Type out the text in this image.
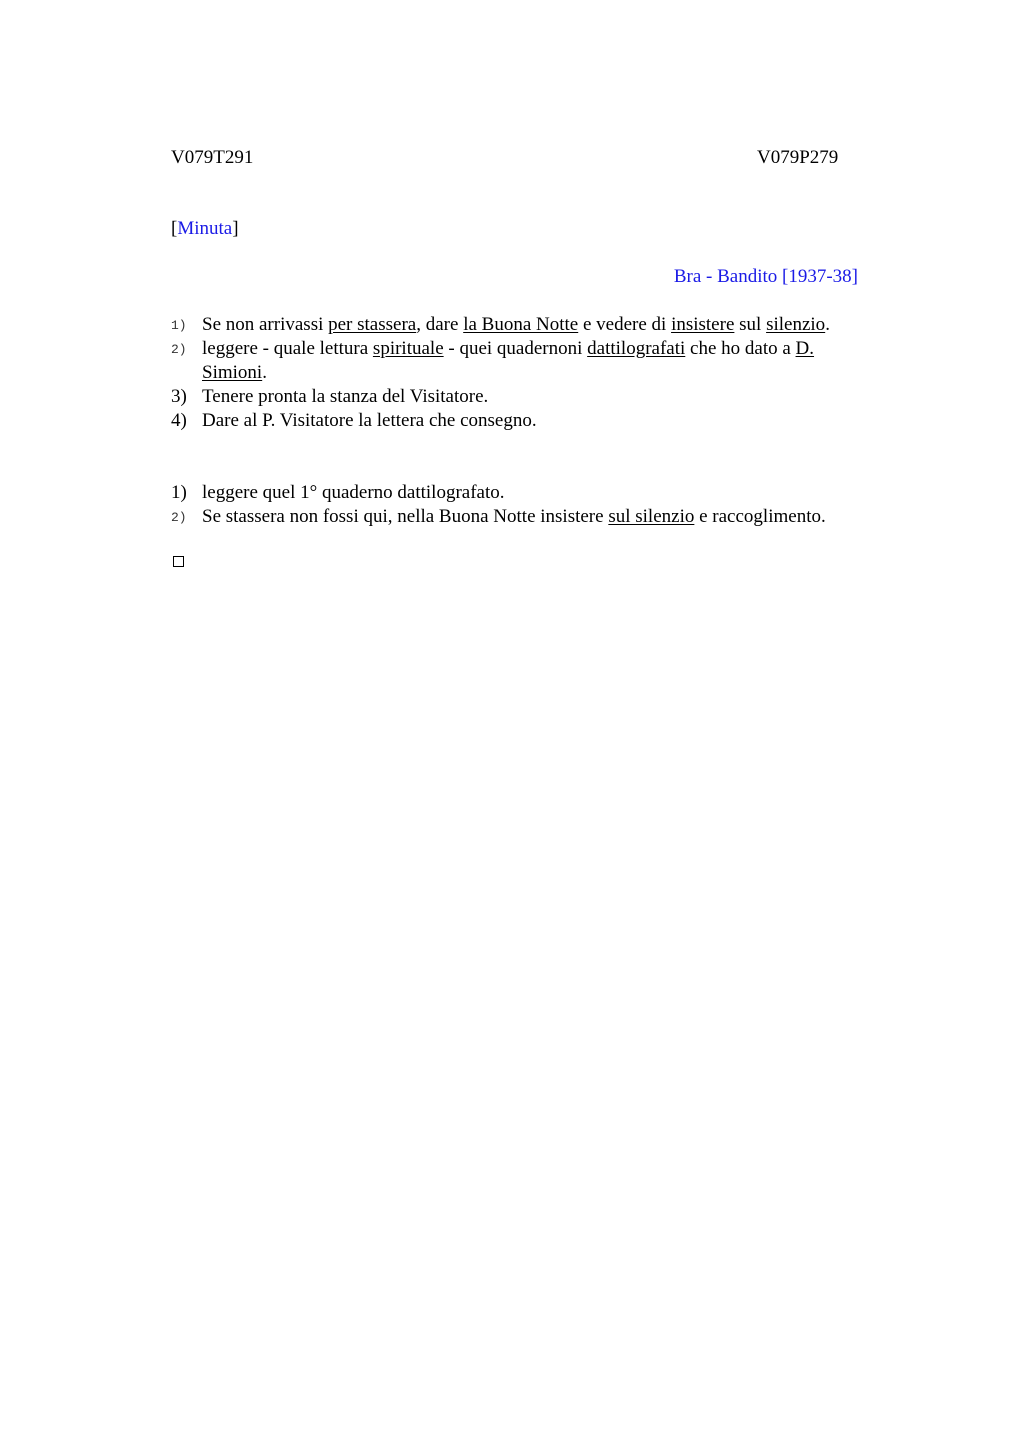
V079T291	V079P279
[Minuta]
Bra - Bandito [1937-38]
1) Se non arrivassi per stassera, dare la Buona Notte e vedere di insistere sul silenzio.
2) leggere - quale lettura spirituale - quei quadernoni dattilografati che ho dato a D. Simioni.
3) Tenere pronta la stanza del Visitatore.
4) Dare al P. Visitatore la lettera che consegno.
1) leggere quel 1° quaderno dattilografato.
2) Se stassera non fossi qui, nella Buona Notte insistere sul silenzio e raccoglimento.
